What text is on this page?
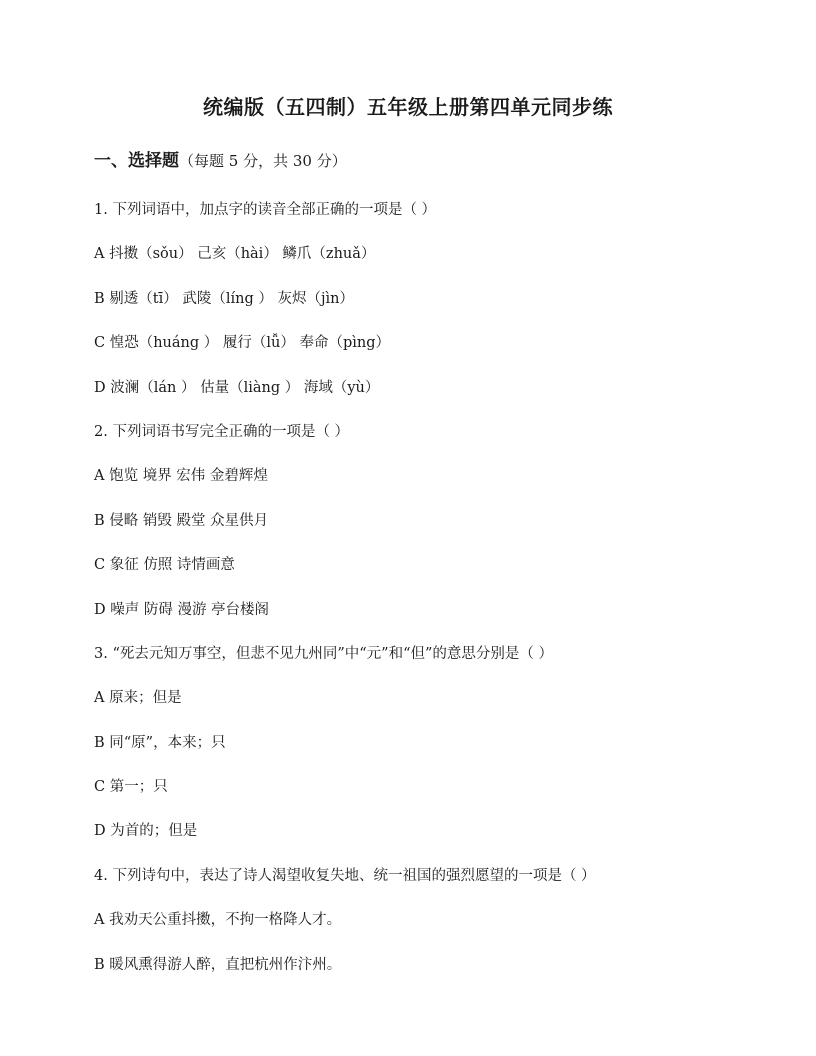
统编版（五四制）五年级上册第四单元同步练
一、选择题（每题 5 分，共 30 分）
1. 下列词语中，加点字的读音全部正确的一项是（ ）
A 抖擞（sǒu） 己亥（hài） 鳞爪（zhuǎ）
B 剔透（tī） 武陵（líng ） 灰烬（jìn）
C 惶恐（huáng ） 履行（lǚ） 奉命（pìng）
D 波澜（lán ） 估量（liàng ） 海域（yù）
2. 下列词语书写完全正确的一项是（ ）
A 饱览 境界 宏伟 金碧辉煌
B 侵略 销毁 殿堂 众星供月
C 象征 仿照 诗情画意
D 噪声 防碍 漫游 亭台楼阁
3. “死去元知万事空，但悲不见九州同”中“元”和“但”的意思分别是（ ）
A 原来；但是
B 同“原”，本来；只
C 第一；只
D 为首的；但是
4. 下列诗句中，表达了诗人渴望收复失地、统一祖国的强烈愿望的一项是（ ）
A 我劝天公重抖擞，不拘一格降人才。
B 暖风熏得游人醉，直把杭州作汴州。
